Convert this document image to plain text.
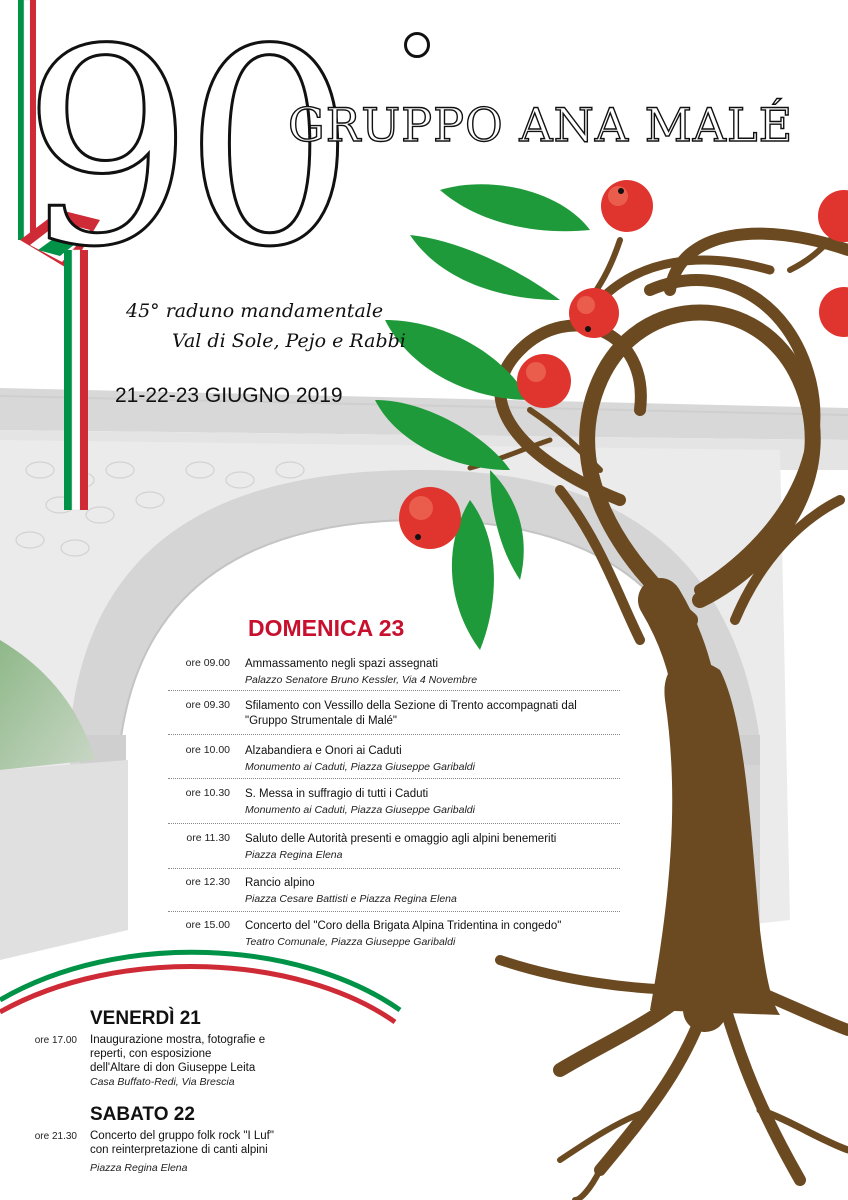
90
GRUPPO ANA MALÉ
45° raduno mandamentale
Val di Sole, Pejo e Rabbi
21-22-23 GIUGNO 2019
DOMENICA 23
ore 09.00 Ammassamento negli spazi assegnati
Palazzo Senatore Bruno Kessler, Via 4 Novembre
ore 09.30 Sfilamento con Vessillo della Sezione di Trento accompagnati dal
"Gruppo Strumentale di Malé"
ore 10.00 Alzabandiera e Onori ai Caduti
Monumento ai Caduti, Piazza Giuseppe Garibaldi
ore 10.30 S. Messa in suffragio di tutti i Caduti
Monumento ai Caduti, Piazza Giuseppe Garibaldi
ore 11.30 Saluto delle Autorità presenti e omaggio agli alpini benemeriti
Piazza Regina Elena
ore 12.30 Rancio alpino
Piazza Cesare Battisti e Piazza Regina Elena
ore 15.00 Concerto del "Coro della Brigata Alpina Tridentina in congedo"
Teatro Comunale, Piazza Giuseppe Garibaldi
VENERDÌ 21
ore 17.00 Inaugurazione mostra, fotografie e
reperti, con esposizione
dell'Altare di don Giuseppe Leita
Casa Buffato-Redi, Via Brescia
SABATO 22
ore 21.30 Concerto del gruppo folk rock "I Luf"
con reinterpretazione di canti alpini
Piazza Regina Elena
